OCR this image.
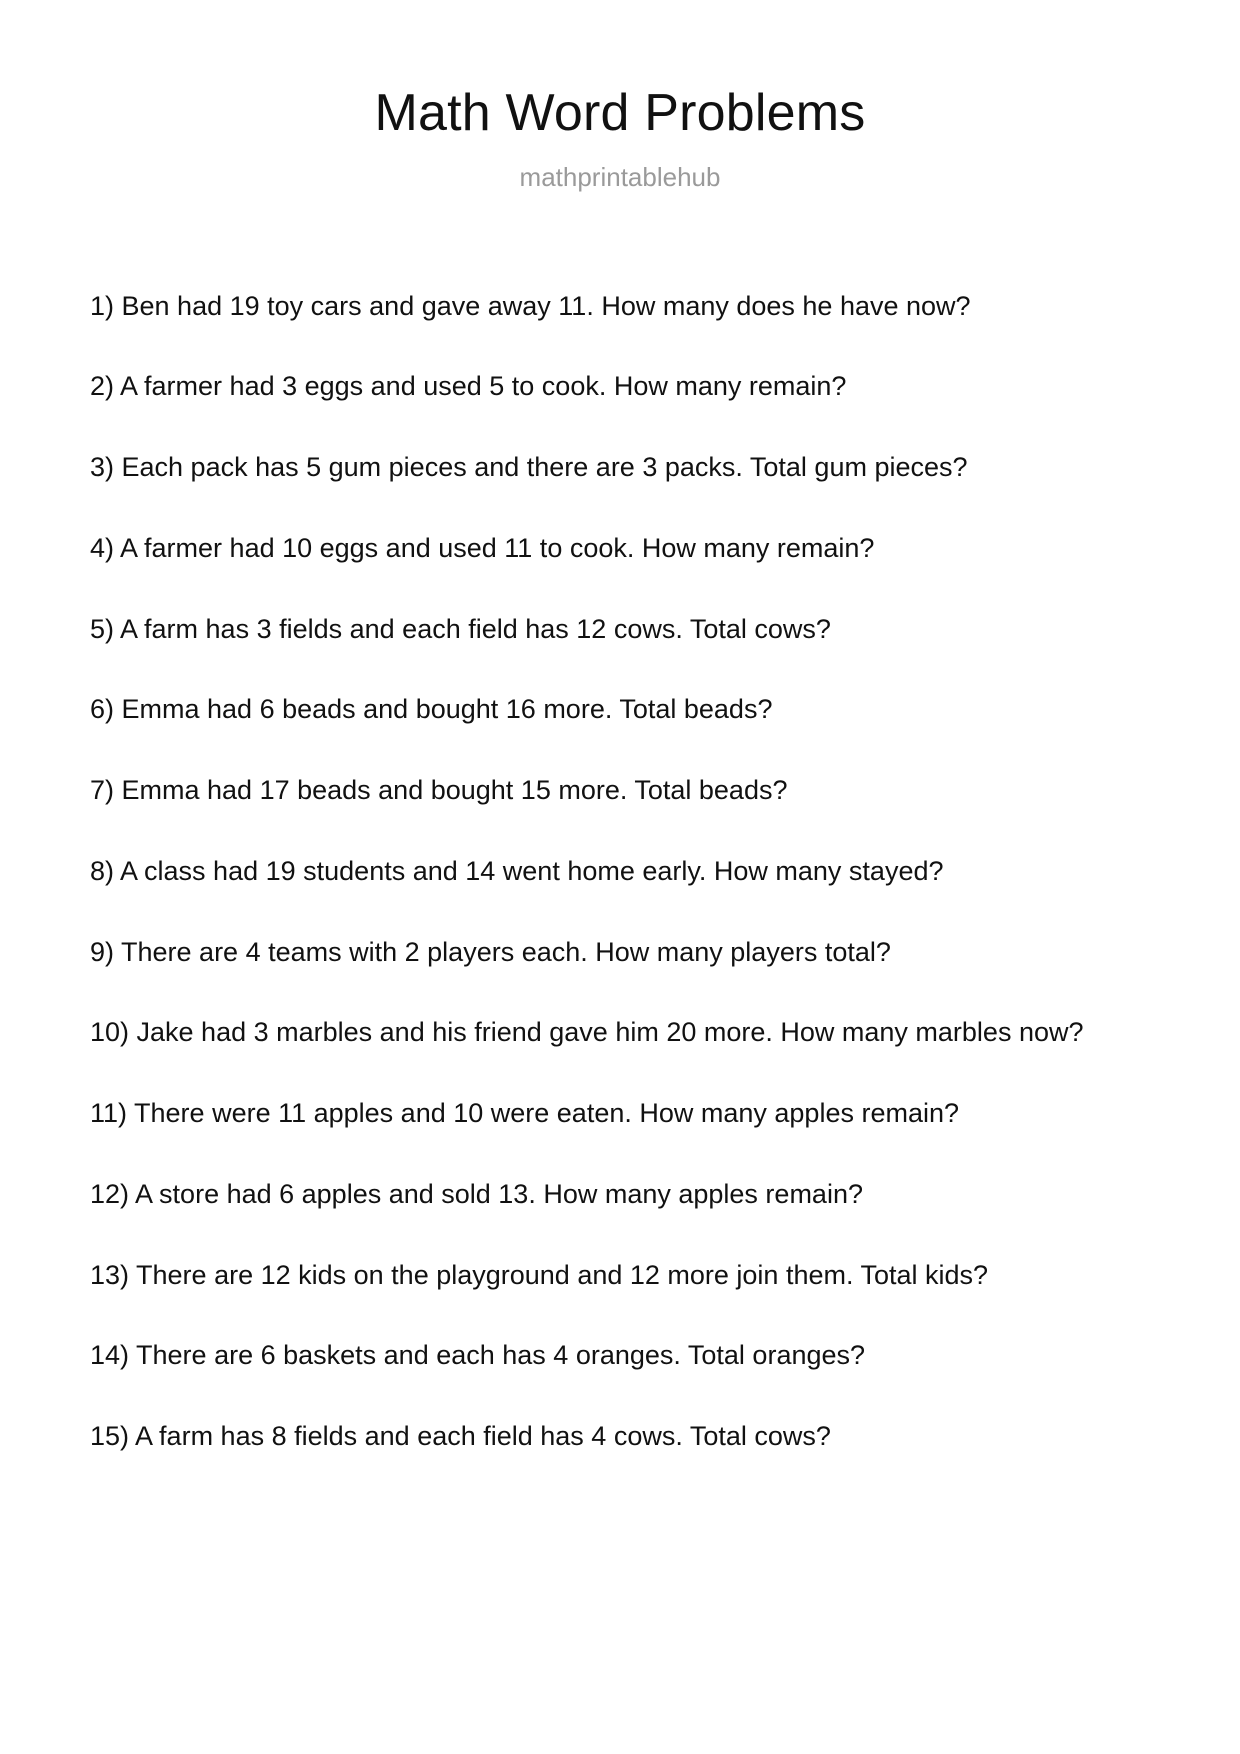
Math Word Problems
mathprintablehub
1) Ben had 19 toy cars and gave away 11. How many does he have now?
2) A farmer had 3 eggs and used 5 to cook. How many remain?
3) Each pack has 5 gum pieces and there are 3 packs. Total gum pieces?
4) A farmer had 10 eggs and used 11 to cook. How many remain?
5) A farm has 3 fields and each field has 12 cows. Total cows?
6) Emma had 6 beads and bought 16 more. Total beads?
7) Emma had 17 beads and bought 15 more. Total beads?
8) A class had 19 students and 14 went home early. How many stayed?
9) There are 4 teams with 2 players each. How many players total?
10) Jake had 3 marbles and his friend gave him 20 more. How many marbles now?
11) There were 11 apples and 10 were eaten. How many apples remain?
12) A store had 6 apples and sold 13. How many apples remain?
13) There are 12 kids on the playground and 12 more join them. Total kids?
14) There are 6 baskets and each has 4 oranges. Total oranges?
15) A farm has 8 fields and each field has 4 cows. Total cows?
